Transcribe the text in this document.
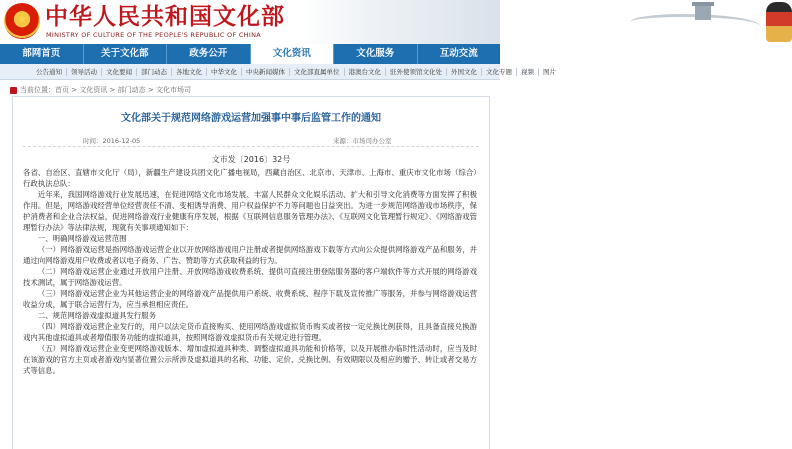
★ 中华人民共和国文化部
MINISTRY OF CULTURE OF THE PEOPLE'S REPUBLIC OF CHINA
部网首页	关于文化部	政务公开	文化资讯	文化服务	互动交流
公告通知	领导活动	文化要闻	部门动态	各地文化	中华文化	中央新闻媒体	文化部直属单位	港澳台文化	驻外使领馆文化处	外国文化	文化专题	视频	图片
当前位置：首页 > 文化资讯 > 部门动态 > 文化市场司
文化部关于规范网络游戏运营加强事中事后监管工作的通知
时间：2016-12-05	来源：市场司办公室
文市发〔2016〕32号

各省、自治区、直辖市文化厅（局），新疆生产建设兵团文化广播电视局，西藏自治区、北京市、天津市、上海市、重庆市文化市场（综合）行政执法总队：

近年来，我国网络游戏行业发展迅速，在促进网络文化市场发展、丰富人民群众文化娱乐活动、扩大和引导文化消费等方面发挥了积极作用。但是，网络游戏经营单位经营责任不清、变相诱导消费、用户权益保护不力等问题也日益突出。为进一步规范网络游戏市场秩序，保护消费者和企业合法权益，促进网络游戏行业健康有序发展，根据《互联网信息服务管理办法》、《互联网文化管理暂行规定》、《网络游戏管理暂行办法》等法律法规，现就有关事项通知如下：

一、明确网络游戏运营范围

（一）网络游戏运营是指网络游戏运营企业以开放网络游戏用户注册或者提供网络游戏下载等方式向公众提供网络游戏产品和服务，并通过向网络游戏用户收费或者以电子商务、广告、赞助等方式获取利益的行为。

（二）网络游戏运营企业通过开放用户注册、开放网络游戏收费系统、提供可直接注册登陆服务器的客户端软件等方式开展的网络游戏技术测试，属于网络游戏运营。

（三）网络游戏运营企业为其他运营企业的网络游戏产品提供用户系统、收费系统、程序下载及宣传推广等服务，并参与网络游戏运营收益分成，属于联合运营行为，应当承担相应责任。

二、规范网络游戏虚拟道具发行服务

（四）网络游戏运营企业发行的，用户以法定货币直接购买、使用网络游戏虚拟货币购买或者按一定兑换比例获得，且具备直接兑换游戏内其他虚拟道具或者增值服务功能的虚拟道具，按照网络游戏虚拟货币有关规定进行管理。

（五）网络游戏运营企业变更网络游戏版本、增加虚拟道具种类、调整虚拟道具功能和价格等，以及开展推办临时性活动时，应当及时在该游戏的官方主页或者游戏内显著位置公示所涉及虚拟道具的名称、功能、定价、兑换比例、有效期限以及相应的赠予、转让或者交易方式等信息。
